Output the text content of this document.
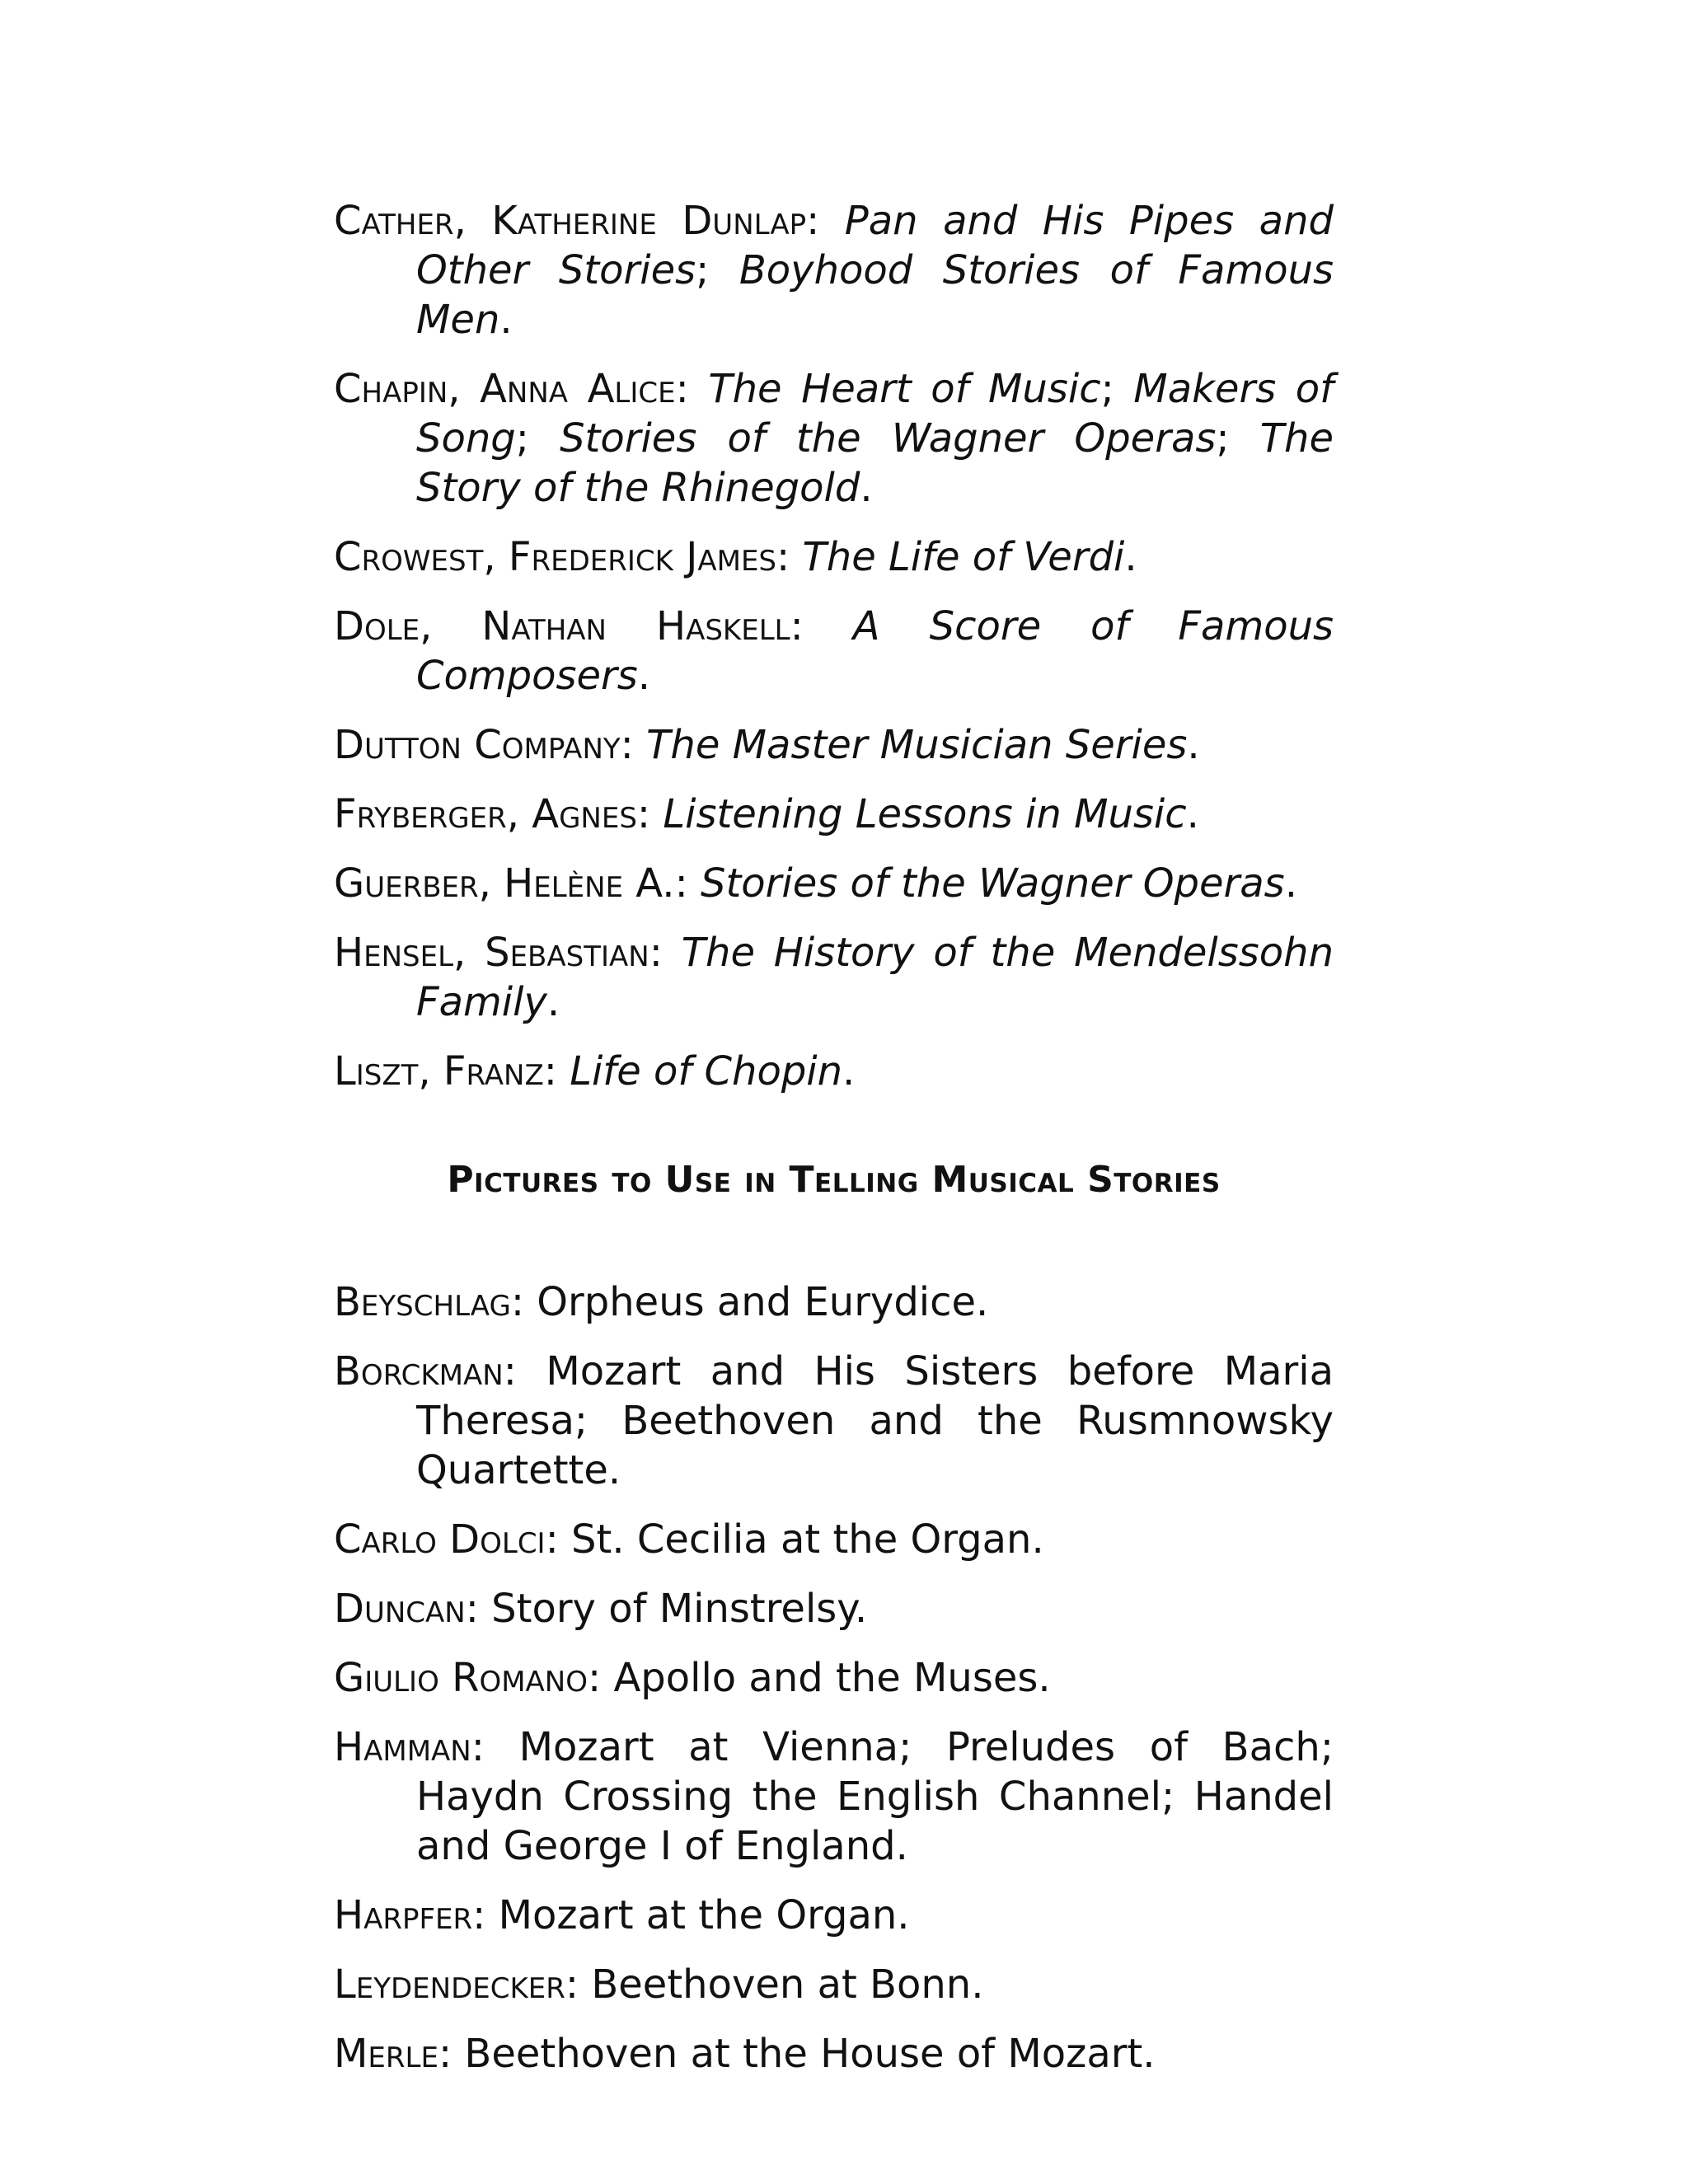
Cather, Katherine Dunlap: Pan and His Pipes and Other Stories; Boyhood Stories of Famous Men.
Chapin, Anna Alice: The Heart of Music; Makers of Song; Stories of the Wagner Operas; The Story of the Rhinegold.
Crowest, Frederick James: The Life of Verdi.
Dole, Nathan Haskell: A Score of Famous Composers.
Dutton Company: The Master Musician Series.
Fryberger, Agnes: Listening Lessons in Music.
Guerber, Helène A.: Stories of the Wagner Operas.
Hensel, Sebastian: The History of the Mendelssohn Family.
Liszt, Franz: Life of Chopin.
Pictures to Use in Telling Musical Stories
Beyschlag: Orpheus and Eurydice.
Borckman: Mozart and His Sisters before Maria Theresa; Beethoven and the Rusmnowsky Quartette.
Carlo Dolci: St. Cecilia at the Organ.
Duncan: Story of Minstrelsy.
Giulio Romano: Apollo and the Muses.
Hamman: Mozart at Vienna; Preludes of Bach; Haydn Crossing the English Channel; Handel and George I of England.
Harpfer: Mozart at the Organ.
Leydendecker: Beethoven at Bonn.
Merle: Beethoven at the House of Mozart.
